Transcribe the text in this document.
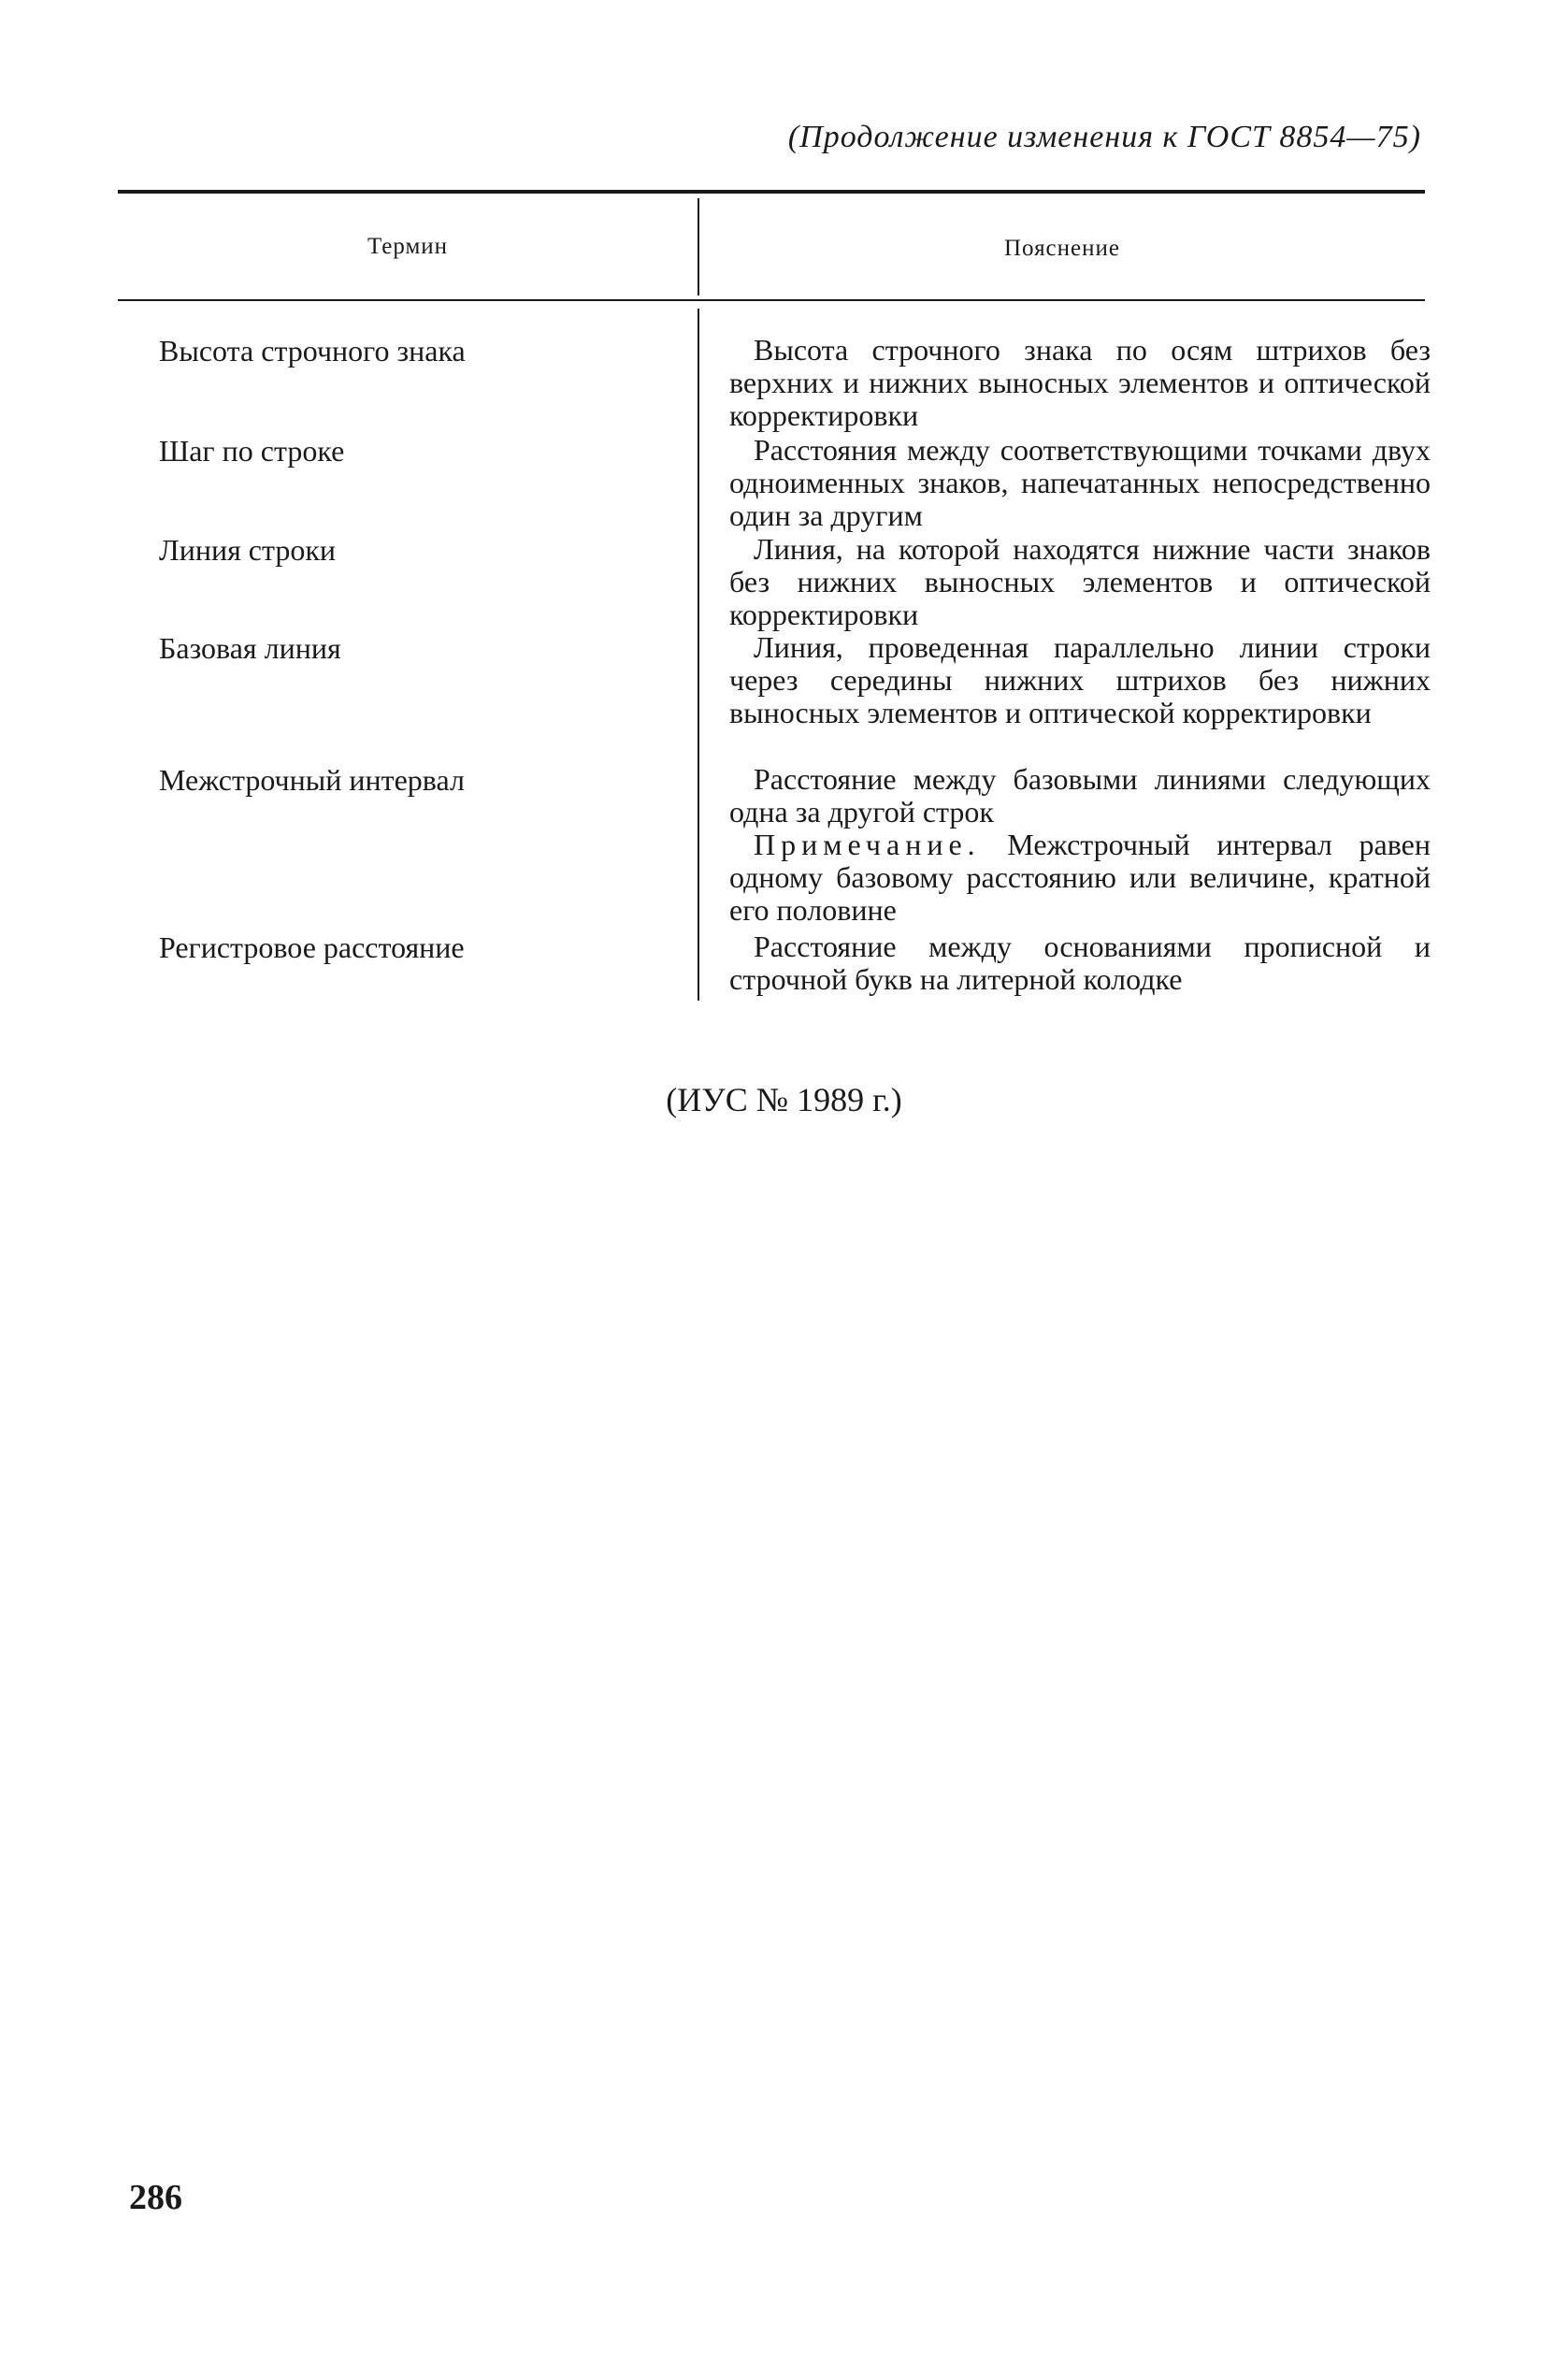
(Продолжение изменения к ГОСТ 8854—75)
Термин	Пояснение
Высота строчного знака	Высота строчного знака по осям штрихов без верхних и нижних выносных элементов и оптической корректировки
Шаг по строке	Расстояния между соответствующими точками двух одноименных знаков, напечатанных непосредственно один за другим
Линия строки	Линия, на которой находятся нижние части знаков без нижних выносных элементов и оптической корректировки
Базовая линия	Линия, проведенная параллельно линии строки через середины нижних штрихов без нижних выносных элементов и оптической корректировки
Межстрочный интервал	Расстояние между базовыми линиями следующих одна за другой строк
Примечание. Межстрочный интервал равен одному базовому расстоянию или величине, кратной его половине
Регистровое расстояние	Расстояние между основаниями прописной и строчной букв на литерной колодке
(ИУС № 1989 г.)
286
